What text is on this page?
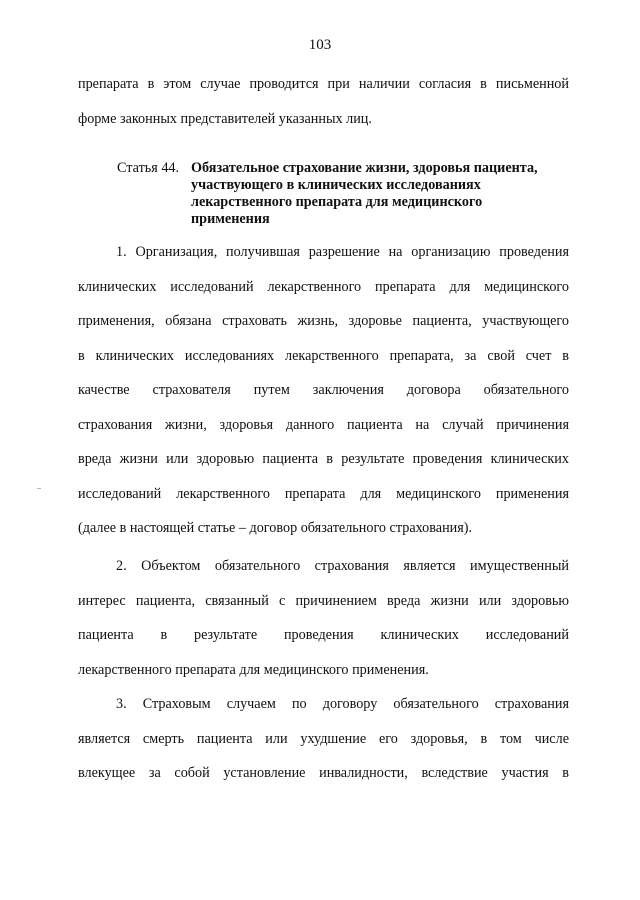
103
препарата в этом случае проводится при наличии согласия в письменной
форме законных представителей указанных лиц.
Статья 44. Обязательное страхование жизни, здоровья пациента,
участвующего в клинических исследованиях
лекарственного препарата для медицинского
применения
1. Организация, получившая разрешение на организацию проведения
клинических исследований лекарственного препарата для медицинского
применения, обязана страховать жизнь, здоровье пациента, участвующего
в клинических исследованиях лекарственного препарата, за свой счет в
качестве страхователя путем заключения договора обязательного
страхования жизни, здоровья данного пациента на случай причинения
вреда жизни или здоровью пациента в результате проведения клинических
исследований лекарственного препарата для медицинского применения
(далее в настоящей статье – договор обязательного страхования).
2. Объектом обязательного страхования является имущественный
интерес пациента, связанный с причинением вреда жизни или здоровью
пациента в результате проведения клинических исследований
лекарственного препарата для медицинского применения.
3. Страховым случаем по договору обязательного страхования
является смерть пациента или ухудшение его здоровья, в том числе
влекущее за собой установление инвалидности, вследствие участия в
